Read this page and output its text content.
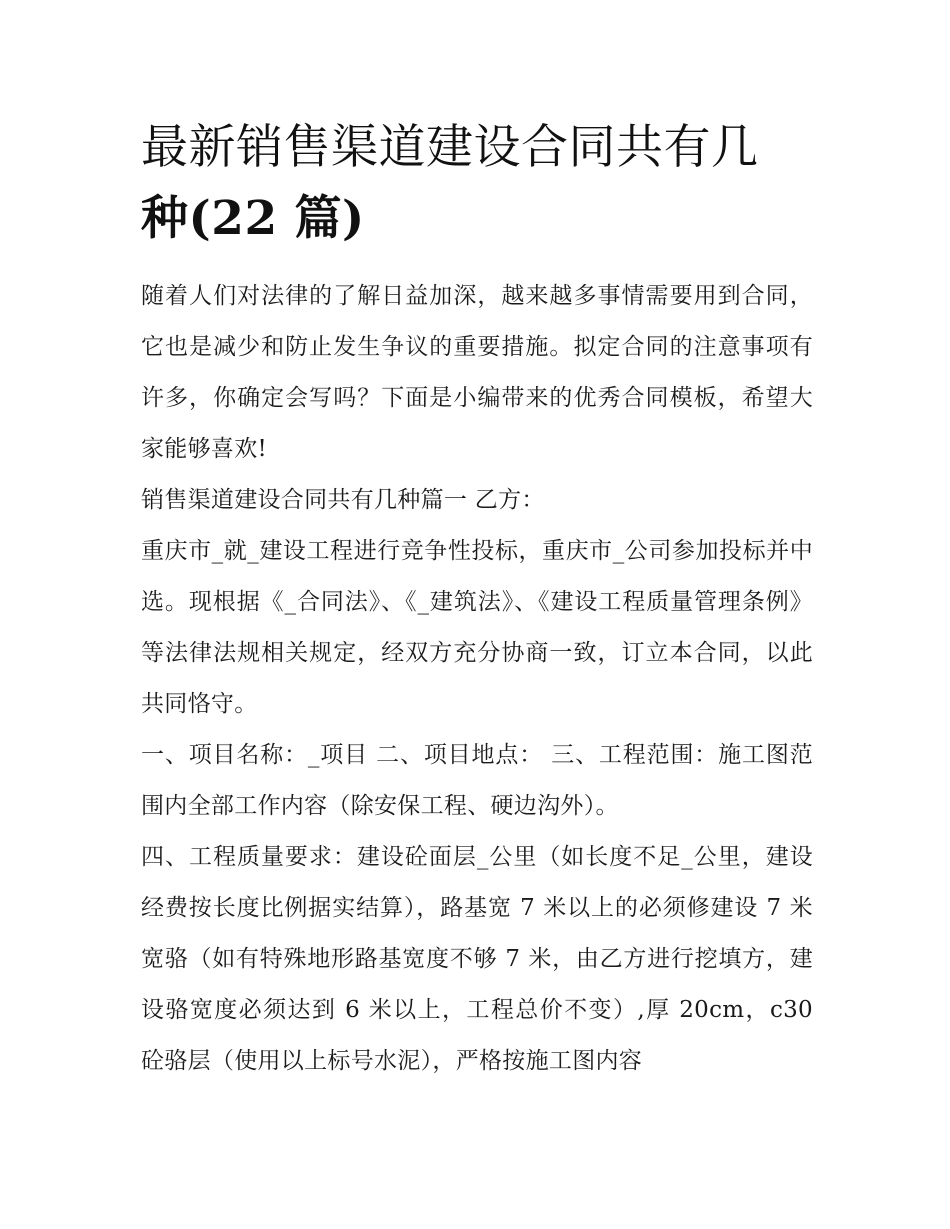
最新销售渠道建设合同共有几
种(22 篇)

随着人们对法律的了解日益加深，越来越多事情需要用到合同，它也是减少和防止发生争议的重要措施。拟定合同的注意事项有许多，你确定会写吗？下面是小编带来的优秀合同模板，希望大家能够喜欢!

销售渠道建设合同共有几种篇一 乙方：

重庆市_就_建设工程进行竞争性投标，重庆市_公司参加投标并中选。现根据《_合同法》、《_建筑法》、《建设工程质量管理条例》等法律法规相关规定，经双方充分协商一致，订立本合同，以此共同恪守。

一、项目名称：_项目 二、项目地点： 三、工程范围：施工图范围内全部工作内容（除安保工程、硬边沟外）。

四、工程质量要求：建设砼面层_公里（如长度不足_公里，建设经费按长度比例据实结算），路基宽 7 米以上的必须修建设 7 米宽骆（如有特殊地形路基宽度不够 7 米，由乙方进行挖填方，建设骆宽度必须达到 6 米以上，工程总价不变）,厚 20cm，c30 砼骆层（使用以上标号水泥），严格按施工图内容
